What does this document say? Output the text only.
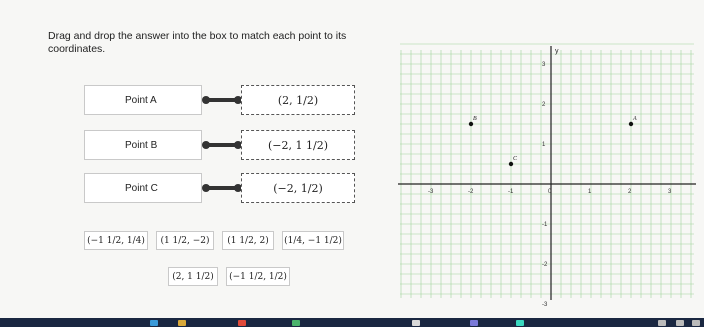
Drag and drop the answer into the box to match each point to its coordinates.
Point A	(2, 1/2)
Point B	(−2, 1 1/2)
Point C	(−2, 1/2)
(−1 1/2, 1/4)	(1 1/2, −2)	(1 1/2, 2)	(1/4, −1 1/2)
(2, 1 1/2)	(−1 1/2, 1/2)
y
-3	-2	-1	0	1	2	3
3
2
1
-1
-2
-3
A
B
C
